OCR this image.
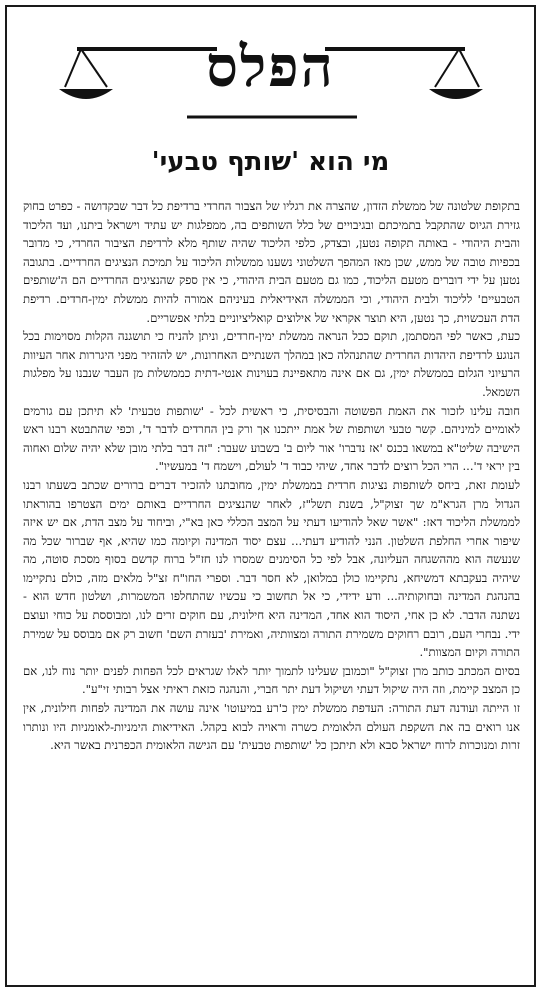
הפלס
מי הוא 'שותף טבעי'

בתקופת שלטונה של ממשלת הזדון, שהצרה את רגליו של הצבור החרדי ברדיפת כל דבר שבקדושה - כפרט בחוק גזירת הגיוס שהתקבל בתמיכתם ובגיבויים של כלל השותפים בה, ממפלגות יש עתיד וישראל ביתנו, ועד הליכוד והבית היהודי - באותה תקופה נטען, ובצדק, כלפי הליכוד שהיה שותף מלא לרדיפת הציבור החרדי, כי מדובר בכפיות טובה של ממש, שכן מאז המהפך השלטוני נשענו ממשלות הליכוד על תמיכת הנציגים החרדיים. בתגובה נטען על ידי דוברים מטעם הליכוד, כמו גם מטעם הבית היהודי, כי אין ספק שהנציגים החרדיים הם ה'שותפים הטבעיים' לליכוד ולבית היהודי, וכי הממשלה האידיאלית בעיניהם אמורה להיות ממשלת ימין-חרדים. רדיפת הדת העכשוית, כך נטען, היא תוצר אקראי של אילוצים קואליציוניים בלתי אפשריים.

כעת, כאשר לפי המסתמן, תוקם ככל הנראה ממשלת ימין-חרדים, וניתן להניח כי תושגנה הקלות מסוימות בכל הנוגע לרדיפת היהדות החרדית שהתנהלה כאן במהלך השנתיים האחרונות, יש להזהיר מפני היגררות אחר העיוות הרעיוני הגלום בממשלת ימין, גם אם אינה מתאפיינת בעוינות אנטי-דתית כממשלות מן העבר שנבנו על מפלגות השמאל.

חובה עלינו לזכור את האמת הפשוטה והבסיסית, כי ראשית לכל - 'שותפות טבעית' לא תיתכן עם גורמים לאומיים למיניהם. קשר טבעי ושותפות של אמת ייתכנו אך ורק בין החרדים לדבר ד', וכפי שהתבטא רבנו ראש הישיבה שליט"א במשאו בכנס 'אז נדברו' אור ליום ב' בשבוע שעבר: "זה דבר בלתי מובן שלא יהיה שלום ואחוה בין יראי ד'... הרי הכל רוצים לדבר אחד, שיהי כבוד ד' לעולם, וישמח ד' במעשיו".

לעומת זאת, ביחס לשותפות נציגות חרדית בממשלת ימין, מחובתנו להזכיר דברים ברורים שכתב בשעתו רבנו הגדול מרן הגרא"מ שך זצוק"ל, בשנת תשל"ז, לאחר שהנציגים החרדיים באותם ימים הצטרפו בהוראתו לממשלת הליכוד דאז: "אשר שאל להודיעו דעתי על המצב הכללי כאן בא"י, וביחוד על מצב הדת, אם יש איזה שיפור אחרי החלפת השלטון. הנני להודיע דעתי... עצם יסוד המדינה וקיומה כמו שהיא, אף שברור שכל מה שנעשה הוא מההשגחה העליונה, אבל לפי כל הסימנים שמסרו לנו חז"ל ברוח קדשם בסוף מסכת סוטה, מה שיהיה בעקבתא דמשיחא, נתקיימו כולן במלואן, לא חסר דבר. וספרי החו"ח זצ"ל מלאים מזה, כולם נתקיימו בהנהגת המדינה ובחוקותיה... ודע ידידי, כי אל תחשוב כי עכשיו שהתחלפו המשמרות, ושלטון חדש הוא - נשתנה הדבר. לא כן אחי, היסוד הוא אחד, המדינה היא חילונית, עם חוקים זרים לנו, ומבוססת על כוחי ועוצם ידי. נבחרי העם, רובם רחוקים משמירת התורה ומצוותיה, ואמירת 'בעזרת השם' חשוב רק אם מבוסס על שמירת התורה וקיום המצוות".

בסיום המכתב כותב מרן זצוק"ל "וכמובן שעלינו לתמוך יותר לאלו שגראים לכל הפחות לפנים יותר נוח לנו, אם כן המצב קיימת, וזה היה שיקול דעתי ושיקול דעת יתר חברי, והנהגה כזאת ראיתי אצל רבותי זי"ע".

זו הייתה ועודנה דעת התורה: העדפת ממשלת ימין כ'רע במיעוטו' אינה עושה את המדינה לפחות חילונית, אין אנו רואים בה את השקפת העולם הלאומית כשרה וראויה לבוא בקהל. האידיאות הימניות-לאומניות היו ונותרו זרות ומנוכרות לרוח ישראל סבא ולא תיתכן כל 'שותפות טבעית' עם הגישה הלאומית הכפרנית באשר היא.
